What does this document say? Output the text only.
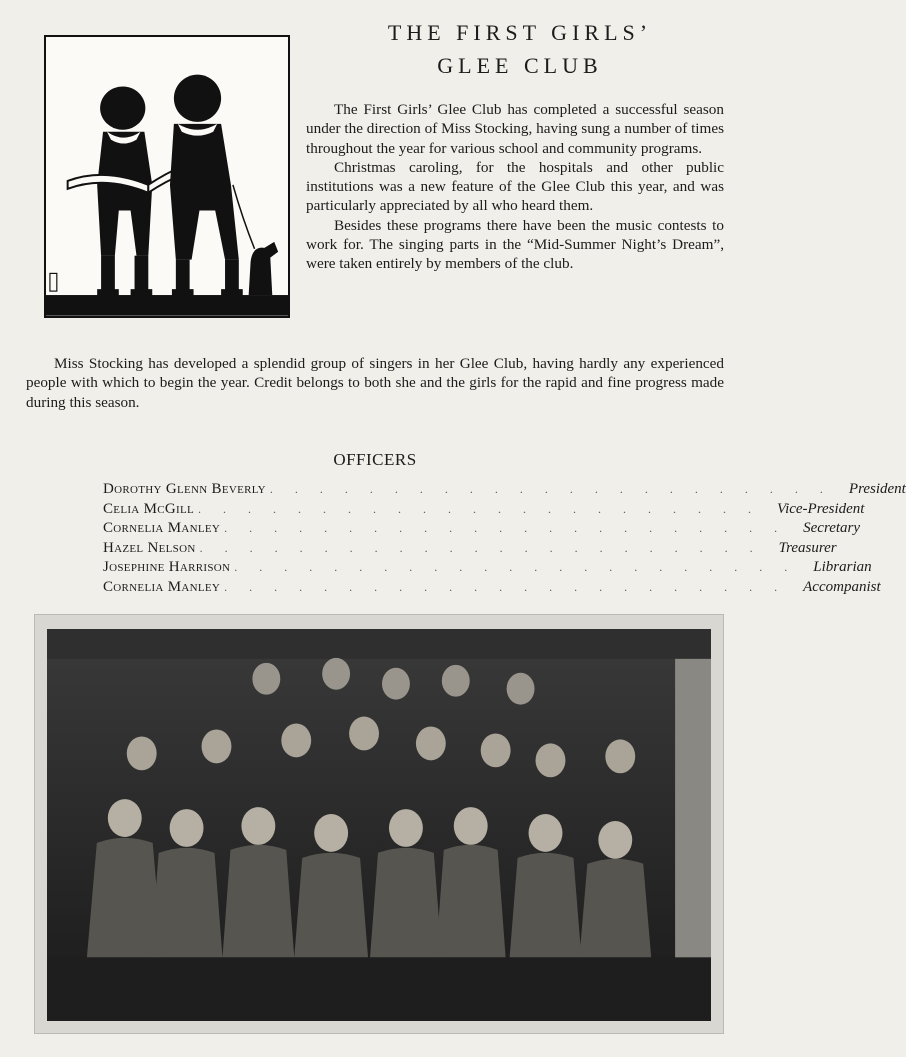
THE FIRST GIRLS’
GLEE CLUB

The First Girls’ Glee Club has completed a successful season under the direction of Miss Stocking, having sung a number of times throughout the year for various school and community programs.

Christmas caroling, for the hospitals and other public institutions was a new feature of the Glee Club this year, and was particularly appreciated by all who heard them.

Besides these programs there have been the music contests to work for. The singing parts in the “Mid-Summer Night’s Dream”, were taken entirely by members of the club.

Miss Stocking has developed a splendid group of singers in her Glee Club, having hardly any experienced people with which to begin the year. Credit belongs to both she and the girls for the rapid and fine progress made during this season.

OFFICERS
Dorothy Glenn Beverly ....................... President
Celia McGill ....................... Vice-President
Cornelia Manley ....................... Secretary
Hazel Nelson ....................... Treasurer
Josephine Harrison ....................... Librarian
Cornelia Manley ....................... Accompanist
